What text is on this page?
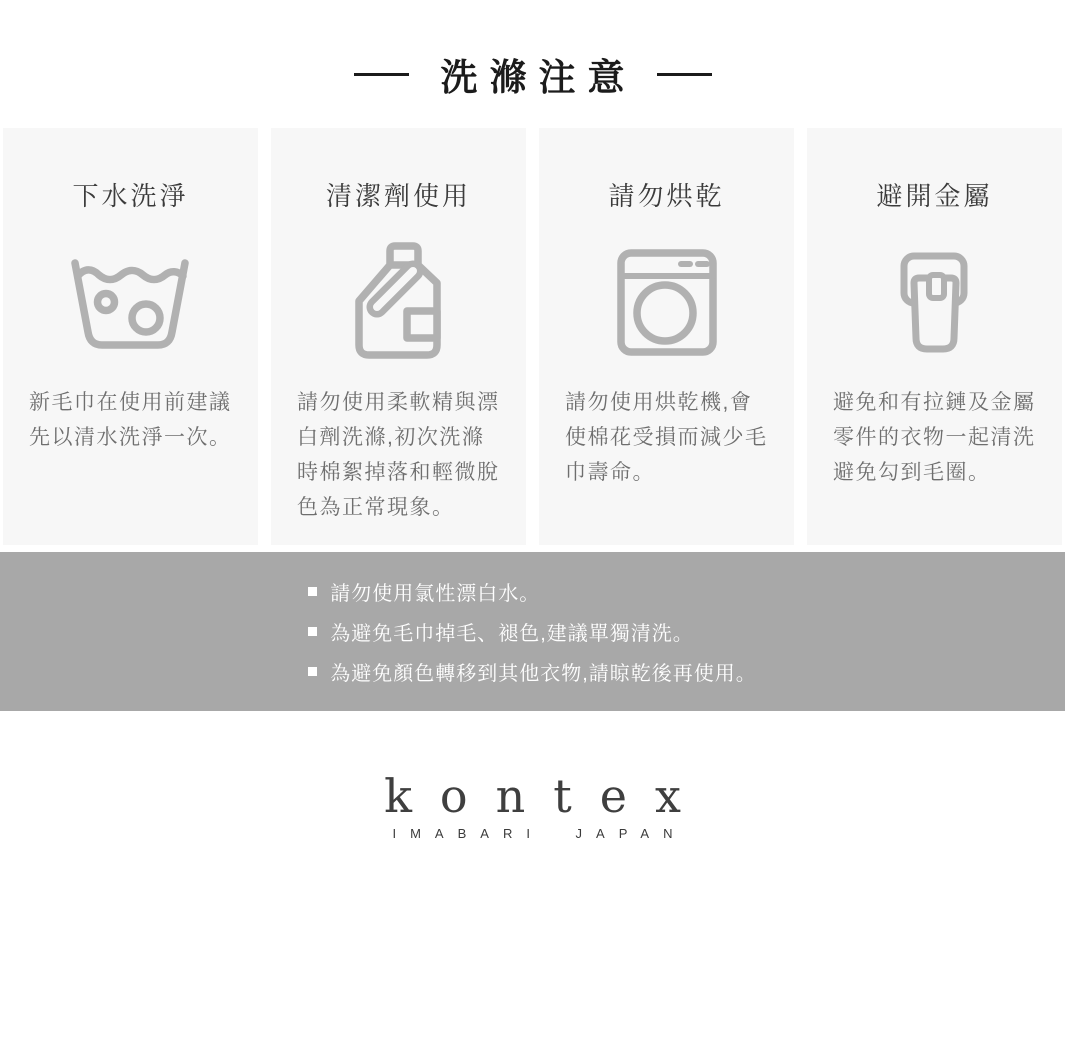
洗滌注意
下水洗淨

新毛巾在使用前建議先以清水洗淨一次。

清潔劑使用

請勿使用柔軟精與漂白劑洗滌,初次洗滌時棉絮掉落和輕微脫色為正常現象。

請勿烘乾

請勿使用烘乾機,會使棉花受損而減少毛巾壽命。

避開金屬

避免和有拉鏈及金屬零件的衣物一起清洗避免勾到毛圈。

請勿使用氯性漂白水。
為避免毛巾掉毛、褪色,建議單獨清洗。
為避免顏色轉移到其他衣物,請晾乾後再使用。
kontex
IMABARI JAPAN
